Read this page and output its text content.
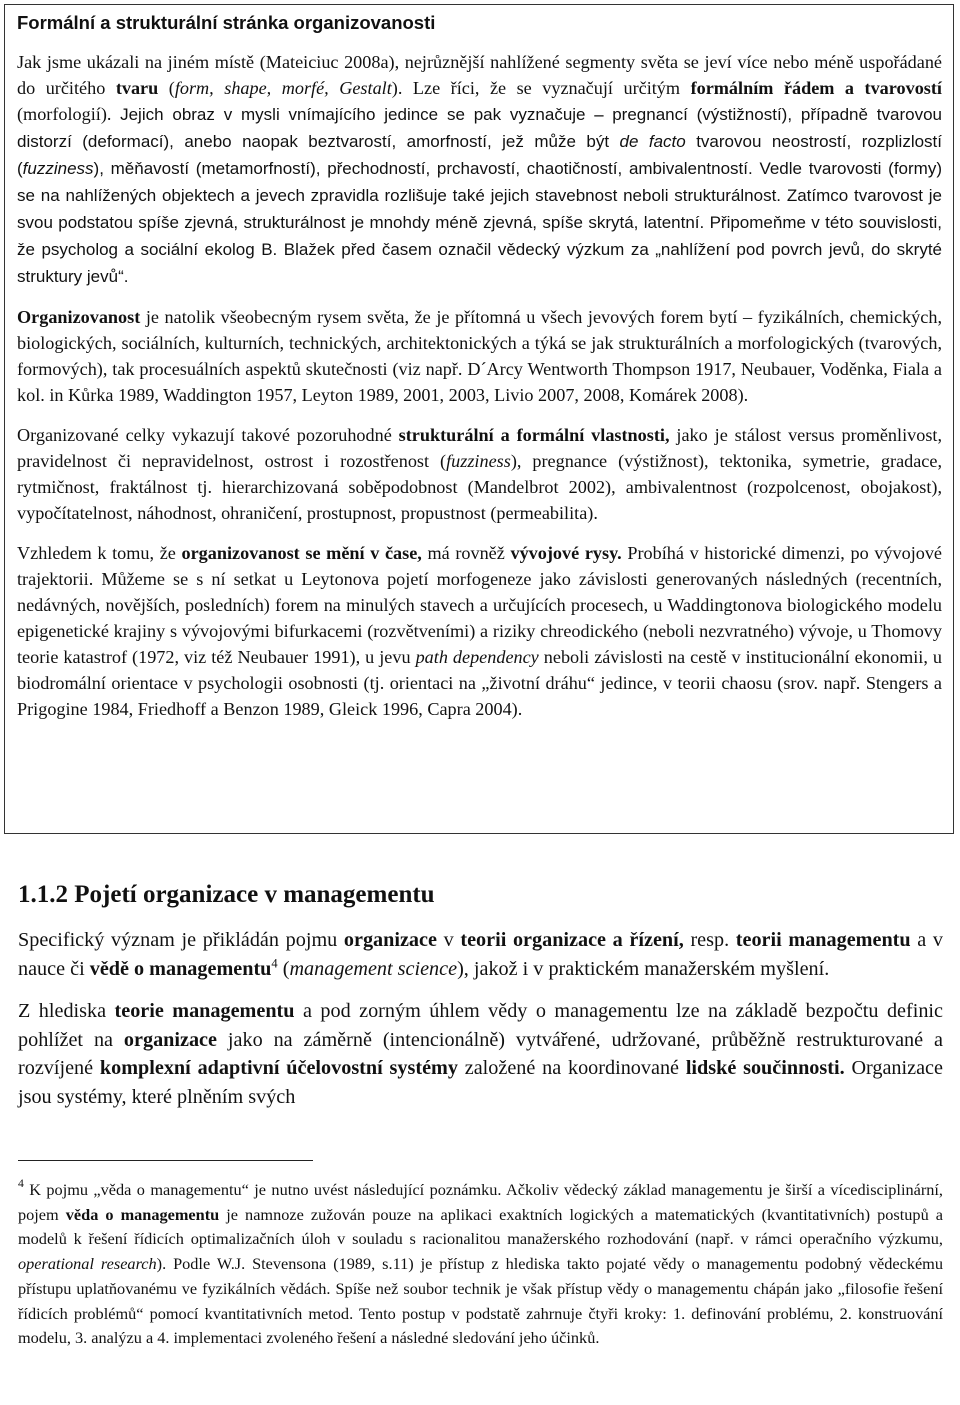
Formální a strukturální stránka organizovanosti

Jak jsme ukázali na jiném místě (Mateiciuc 2008a), nejrůznější nahlížené segmenty světa se jeví více nebo méně uspořádané do určitého tvaru (form, shape, morfé, Gestalt). Lze říci, že se vyznačují určitým formálním řádem a tvarovostí (morfologií). Jejich obraz v mysli vnímajícího jedince se pak vyznačuje – pregnancí (výstižností), případně tvarovou distorzí (deformací), anebo naopak beztvarostí, amorfností, jež může být de facto tvarovou neostrostí, rozplizlostí (fuzziness), měňavostí (metamorfností), přechodností, prchavostí, chaotičností, ambivalentností. Vedle tvarovosti (formy) se na nahlížených objektech a jevech zpravidla rozlišuje také jejich stavebnost neboli strukturálnost. Zatímco tvarovost je svou podstatou spíše zjevná, strukturálnost je mnohdy méně zjevná, spíše skrytá, latentní. Připomeňme v této souvislosti, že psycholog a sociální ekolog B. Blažek před časem označil vědecký výzkum za „nahlížení pod povrch jevů, do skryté struktury jevů“.

Organizovanost je natolik všeobecným rysem světa, že je přítomná u všech jevových forem bytí – fyzikálních, chemických, biologických, sociálních, kulturních, technických, architektonických a týká se jak strukturálních a morfologických (tvarových, formových), tak procesuálních aspektů skutečnosti (viz např. D´Arcy Wentworth Thompson 1917, Neubauer, Voděnka, Fiala a kol. in Kůrka 1989, Waddington 1957, Leyton 1989, 2001, 2003, Livio 2007, 2008, Komárek 2008).

Organizované celky vykazují takové pozoruhodné strukturální a formální vlastnosti, jako je stálost versus proměnlivost, pravidelnost či nepravidelnost, ostrost i rozostřenost (fuzziness), pregnance (výstižnost), tektonika, symetrie, gradace, rytmičnost, fraktálnost tj. hierarchizovaná soběpodobnost (Mandelbrot 2002), ambivalentnost (rozpolcenost, obojakost), vypočítatelnost, náhodnost, ohraničení, prostupnost, propustnost (permeabilita).

Vzhledem k tomu, že organizovanost se mění v čase, má rovněž vývojové rysy. Probíhá v historické dimenzi, po vývojové trajektorii. Můžeme se s ní setkat u Leytonova pojetí morfogeneze jako závislosti generovaných následných (recentních, nedávných, novějších, posledních) forem na minulých stavech a určujících procesech, u Waddingtonova biologického modelu epigenetické krajiny s vývojovými bifurkacemi (rozvětveními) a riziky chreodického (neboli nezvratného) vývoje, u Thomovy teorie katastrof (1972, viz též Neubauer 1991), u jevu path dependency neboli závislosti na cestě v institucionální ekonomii, u biodromální orientace v psychologii osobnosti (tj. orientaci na „životní dráhu“ jedince, v teorii chaosu (srov. např. Stengers a Prigogine 1984, Friedhoff a Benzon 1989, Gleick 1996, Capra 2004).

1.1.2 Pojetí organizace v managementu

Specifický význam je přikládán pojmu organizace v teorii organizace a řízení, resp. teorii managementu a v nauce či vědě o managementu$^4$ (management science), jakož i v praktickém manažerském myšlení.

Z hlediska teorie managementu a pod zorným úhlem vědy o managementu lze na základě bezpočtu definic pohlížet na organizace jako na záměrně (intencionálně) vytvářené, udržované, průběžně restrukturované a rozvíjené komplexní adaptivní účelovostní systémy založené na koordinované lidské součinnosti. Organizace jsou systémy, které plněním svých

$^4$ K pojmu „věda o managementu“ je nutno uvést následující poznámku. Ačkoliv vědecký základ managementu je širší a vícedisciplinární, pojem věda o managementu je namnoze zužován pouze na aplikaci exaktních logických a matematických (kvantitativních) postupů a modelů k řešení řídicích optimalizačních úloh v souladu s racionalitou manažerského rozhodování (např. v rámci operačního výzkumu, operational research). Podle W.J. Stevensona (1989, s.11) je přístup z hlediska takto pojaté vědy o managementu podobný vědeckému přístupu uplatňovanému ve fyzikálních vědách. Spíše než soubor technik je však přístup vědy o managementu chápán jako „filosofie řešení řídicích problémů“ pomocí kvantitativních metod. Tento postup v podstatě zahrnuje čtyři kroky: 1. definování problému, 2. konstruování modelu, 3. analýzu a 4. implementaci zvoleného řešení a následné sledování jeho účinků.
